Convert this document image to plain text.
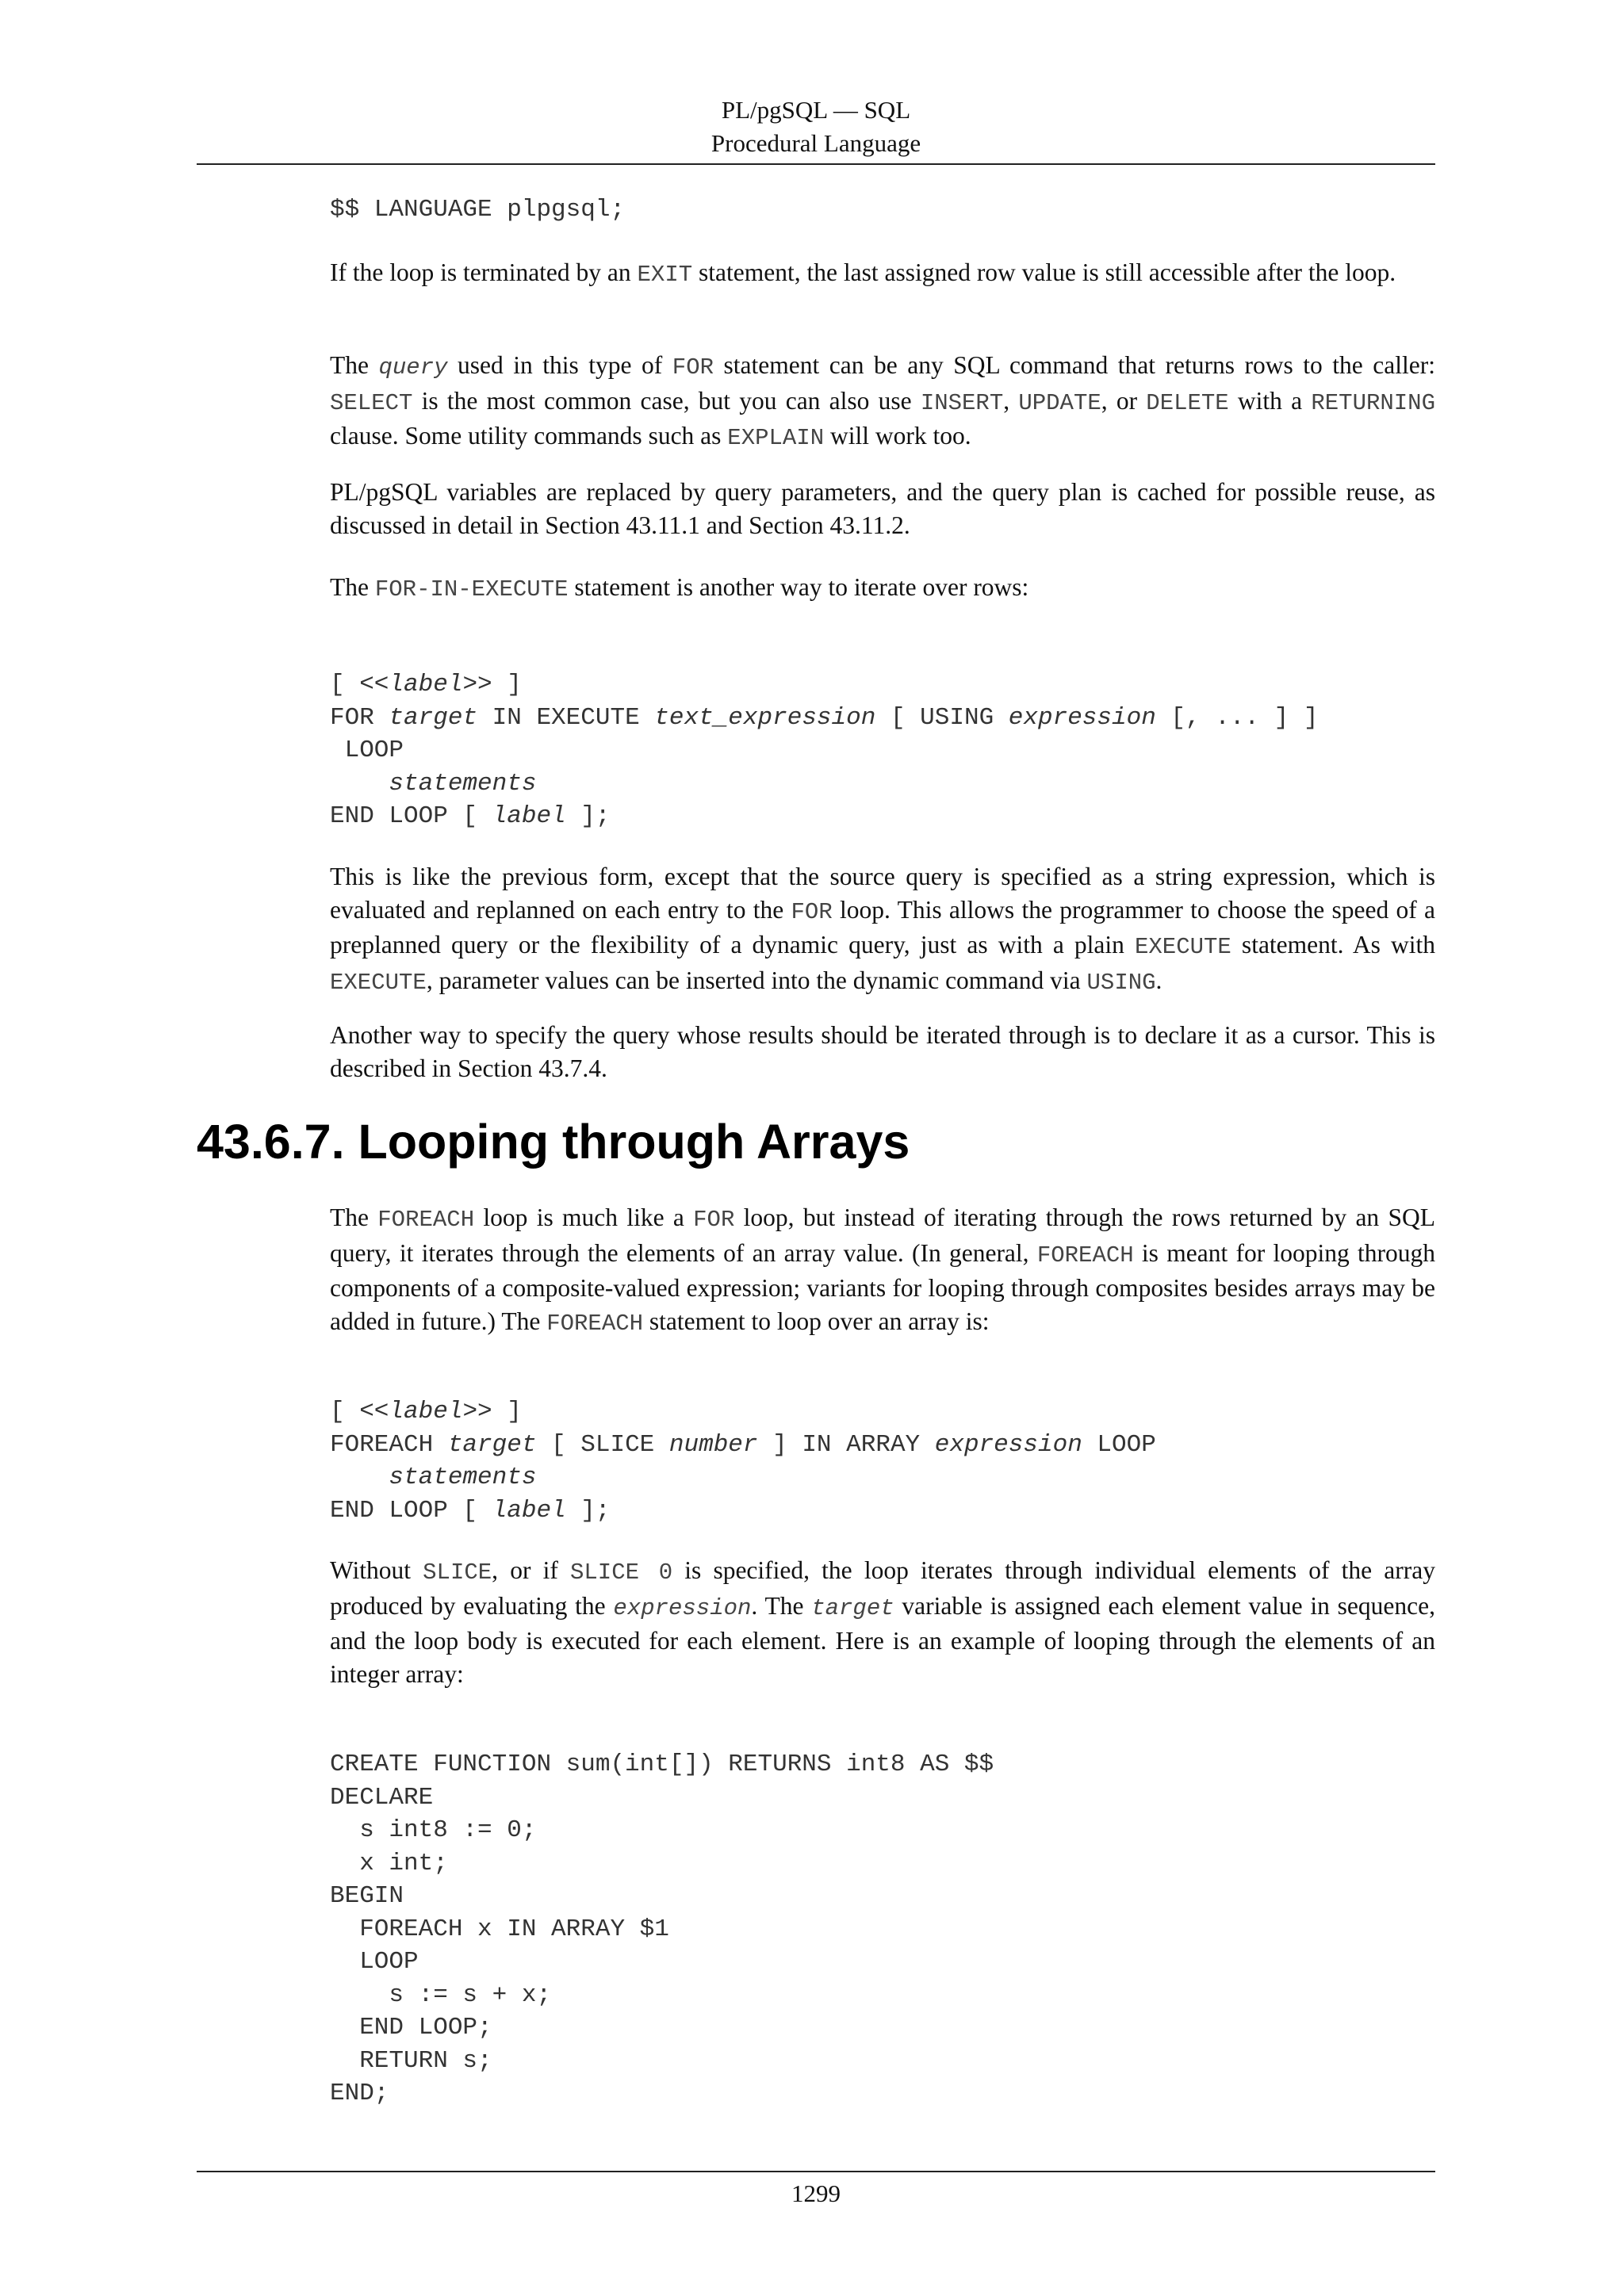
PL/pgSQL — SQL
Procedural Language
$$ LANGUAGE plpgsql;

If the loop is terminated by an EXIT statement, the last assigned row value is still accessible after the loop.

The query used in this type of FOR statement can be any SQL command that returns rows to the caller: SELECT is the most common case, but you can also use INSERT, UPDATE, or DELETE with a RETURNING clause. Some utility commands such as EXPLAIN will work too.

PL/pgSQL variables are replaced by query parameters, and the query plan is cached for possible reuse, as discussed in detail in Section 43.11.1 and Section 43.11.2.

The FOR-IN-EXECUTE statement is another way to iterate over rows:

[ <<label>> ]
FOR target IN EXECUTE text_expression [ USING expression [, ... ] ]
LOOP
statements
END LOOP [ label ];

This is like the previous form, except that the source query is specified as a string expression, which is evaluated and replanned on each entry to the FOR loop. This allows the programmer to choose the speed of a preplanned query or the flexibility of a dynamic query, just as with a plain EXECUTE statement. As with EXECUTE, parameter values can be inserted into the dynamic command via USING.

Another way to specify the query whose results should be iterated through is to declare it as a cursor. This is described in Section 43.7.4.

43.6.7. Looping through Arrays

The FOREACH loop is much like a FOR loop, but instead of iterating through the rows returned by an SQL query, it iterates through the elements of an array value. (In general, FOREACH is meant for looping through components of a composite-valued expression; variants for looping through composites besides arrays may be added in future.) The FOREACH statement to loop over an array is:

[ <<label>> ]
FOREACH target [ SLICE number ] IN ARRAY expression LOOP
statements
END LOOP [ label ];

Without SLICE, or if SLICE 0 is specified, the loop iterates through individual elements of the array produced by evaluating the expression. The target variable is assigned each element value in sequence, and the loop body is executed for each element. Here is an example of looping through the elements of an integer array:

CREATE FUNCTION sum(int[]) RETURNS int8 AS $$
DECLARE
s int8 := 0;
x int;
BEGIN
FOREACH x IN ARRAY $1
LOOP
s := s + x;
END LOOP;
RETURN s;
END;
1299
